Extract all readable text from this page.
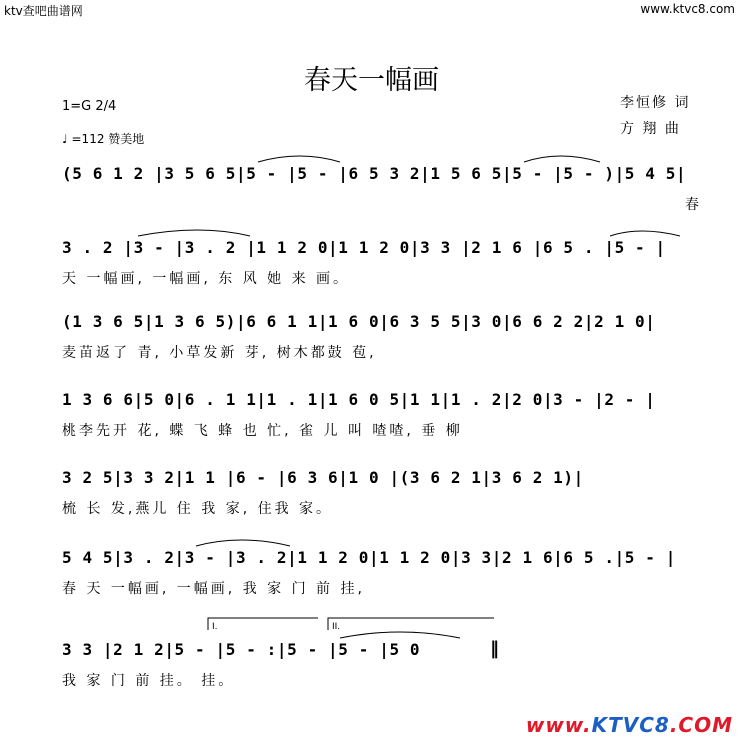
ktv查吧曲谱网	www.ktvc8.com
春天一幅画
1=G 2/4
♩ =112 赞美地
李恒修 词
方 翔 曲
(5 6 1 2 |3 5 6 5|5 - |5 - |6 5 3 2|1 5 6 5|5 - |5 - )|5 4 5|
春
3 . 2 |3 - |3 . 2 |1 1 2 0|1 1 2 0|3 3 |2 1 6 |6 5 . |5 - |
天 一幅画, 一幅画, 东 风 她 来 画。
(1 3 6 5|1 3 6 5)|6 6 1 1|1 6 0|6 3 5 5|3 0|6 6 2 2|2 1 0|
麦苗返了 青, 小草发新 芽, 树木都鼓 苞,
1 3 6 6|5 0|6 . 1 1|1 . 1|1 6 0 5|1 1|1 . 2|2 0|3 - |2 - |
桃李先开 花, 蝶 飞 蜂 也 忙, 雀 儿 叫 喳喳, 垂 柳
3 2 5|3 3 2|1 1 |6 - |6 3 6|1 0 |(3 6 2 1|3 6 2 1)|
梳 长 发,燕儿 住 我 家, 住我 家。
5 4 5|3 . 2|3 - |3 . 2|1 1 2 0|1 1 2 0|3 3|2 1 6|6 5 .|5 - |
春 天 一幅画, 一幅画, 我 家 门 前 挂,
3 3 |2 1 2|5 - |5 - :|5 - |5 - |5 0	‖
我 家 门 前 挂。 挂。
I.	II.
www.KTVC8.COM
